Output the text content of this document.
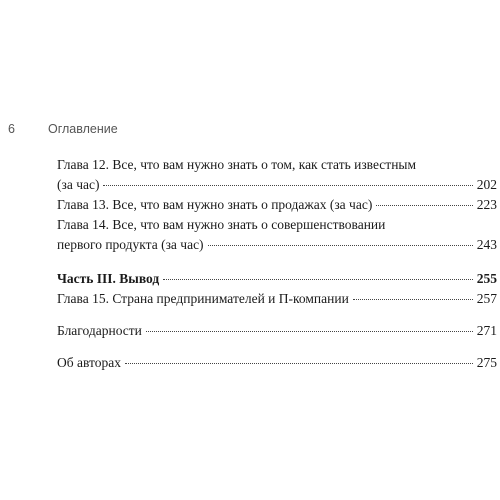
6	Оглавление
Глава 12. Все, что вам нужно знать о том, как стать известным
(за час)	202
Глава 13. Все, что вам нужно знать о продажах (за час)	223
Глава 14. Все, что вам нужно знать о совершенствовании
первого продукта (за час)	243
Часть III. Вывод	255
Глава 15. Страна предпринимателей и П-компании	257
Благодарности	271
Об авторах	275
